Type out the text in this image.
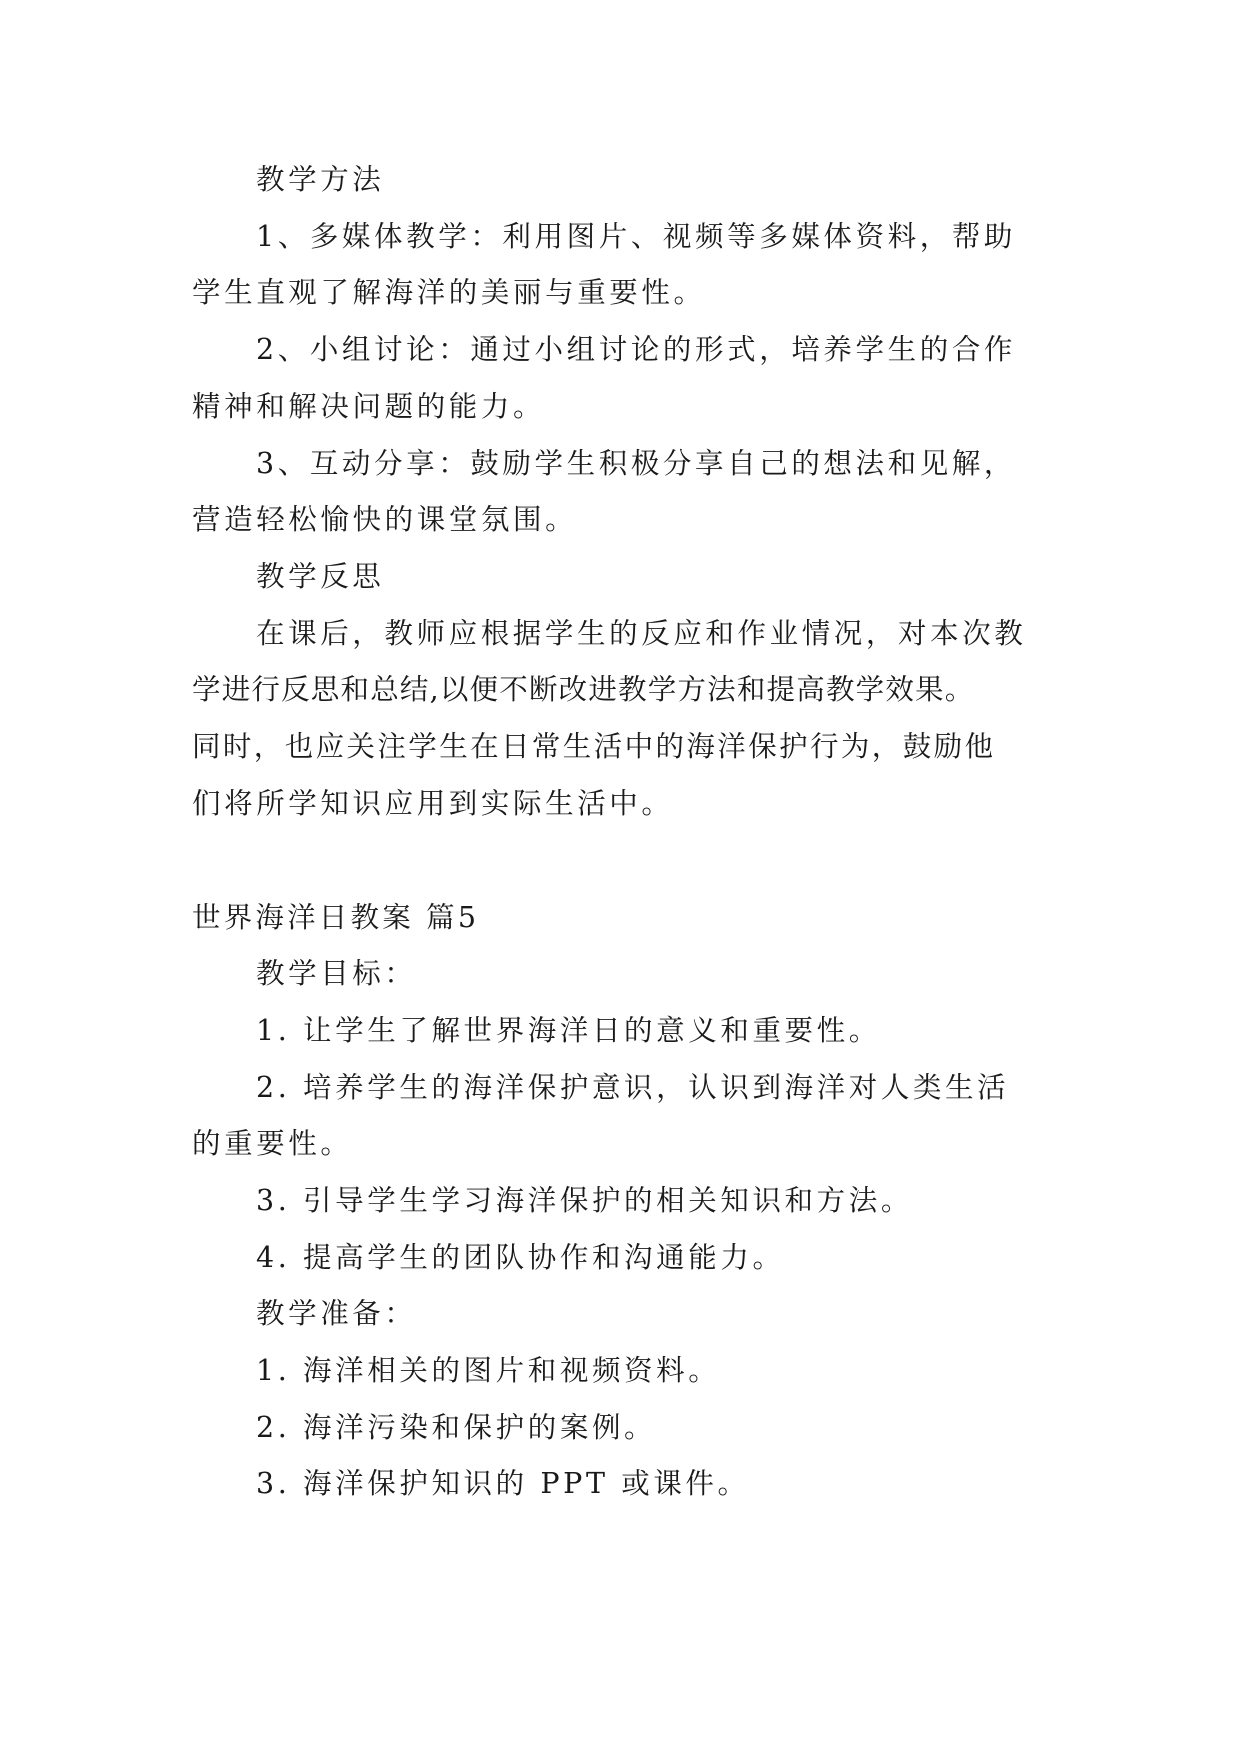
教学方法
1、多媒体教学：利用图片、视频等多媒体资料，帮助
学生直观了解海洋的美丽与重要性。
2、小组讨论：通过小组讨论的形式，培养学生的合作
精神和解决问题的能力。
3、互动分享：鼓励学生积极分享自己的想法和见解，
营造轻松愉快的课堂氛围。
教学反思
在课后，教师应根据学生的反应和作业情况，对本次教
学进行反思和总结,以便不断改进教学方法和提高教学效果。
同时，也应关注学生在日常生活中的海洋保护行为，鼓励他
们将所学知识应用到实际生活中。
世界海洋日教案 篇5
教学目标：
1. 让学生了解世界海洋日的意义和重要性。
2. 培养学生的海洋保护意识，认识到海洋对人类生活
的重要性。
3. 引导学生学习海洋保护的相关知识和方法。
4. 提高学生的团队协作和沟通能力。
教学准备：
1. 海洋相关的图片和视频资料。
2. 海洋污染和保护的案例。
3. 海洋保护知识的 PPT 或课件。
